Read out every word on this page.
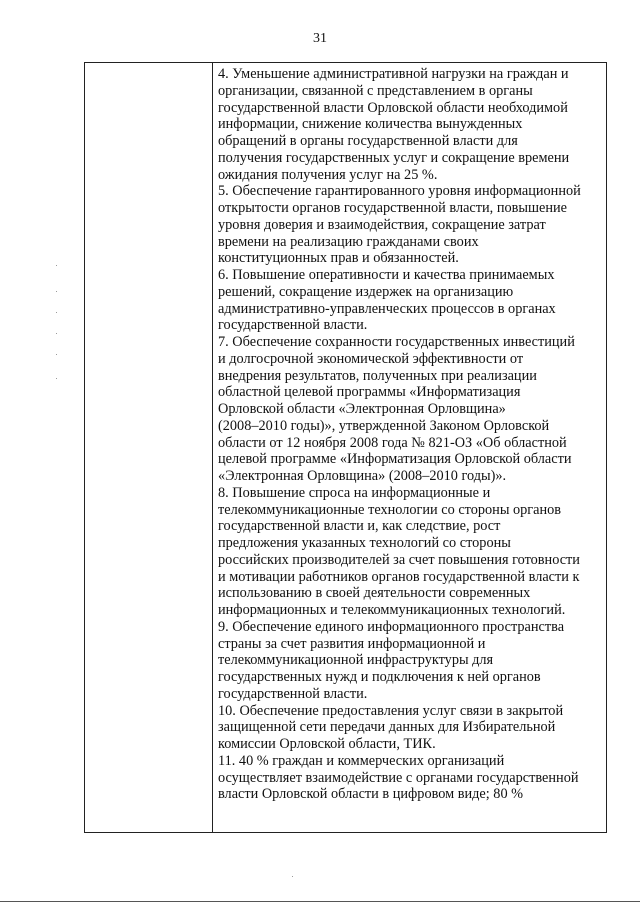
31

4. Уменьшение административной нагрузки на граждан и

организации, связанной с представлением в органы

государственной власти Орловской области необходимой

информации, снижение количества вынужденных

обращений в органы государственной власти для

получения государственных услуг и сокращение времени

ожидания получения услуг на 25 %.

5. Обеспечение гарантированного уровня информационной

открытости органов государственной власти, повышение

уровня доверия и взаимодействия, сокращение затрат

времени на реализацию гражданами своих

конституционных прав и обязанностей.

6. Повышение оперативности и качества принимаемых

решений, сокращение издержек на организацию

административно-управленческих процессов в органах

государственной власти.

7. Обеспечение сохранности государственных инвестиций

и долгосрочной экономической эффективности от

внедрения результатов, полученных при реализации

областной целевой программы «Информатизация

Орловской области «Электронная Орловщина»

(2008–2010 годы)», утвержденной Законом Орловской

области от 12 ноября 2008 года № 821-ОЗ «Об областной

целевой программе «Информатизация Орловской области

«Электронная Орловщина» (2008–2010 годы)».

8. Повышение спроса на информационные и

телекоммуникационные технологии со стороны органов

государственной власти и, как следствие, рост

предложения указанных технологий со стороны

российских производителей за счет повышения готовности

и мотивации работников органов государственной власти к

использованию в своей деятельности современных

информационных и телекоммуникационных технологий.

9. Обеспечение единого информационного пространства

страны за счет развития информационной и

телекоммуникационной инфраструктуры для

государственных нужд и подключения к ней органов

государственной власти.

10. Обеспечение предоставления услуг связи в закрытой

защищенной сети передачи данных для Избирательной

комиссии Орловской области, ТИК.

11. 40 % граждан и коммерческих организаций

осуществляет взаимодействие с органами государственной

власти Орловской области в цифровом виде; 80 %
